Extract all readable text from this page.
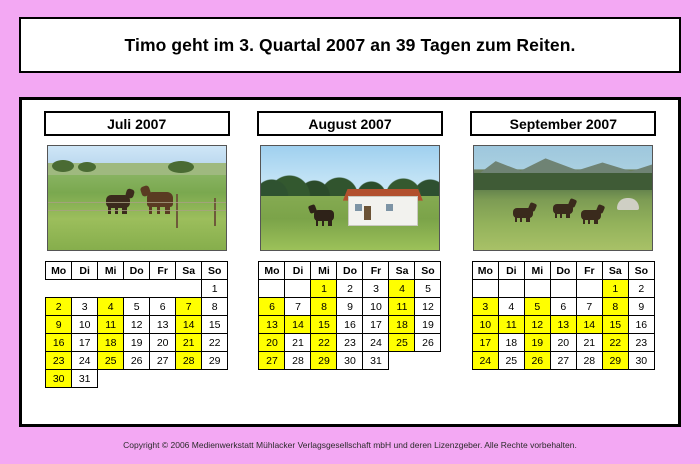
Timo geht im 3. Quartal 2007 an 39 Tagen zum Reiten.
Juli 2007
Mo	Di	Mi	Do	Fr	Sa	So
						1
2	3	4	5	6	7	8
9	10	11	12	13	14	15
16	17	18	19	20	21	22
23	24	25	26	27	28	29
30	31					
August 2007
Mo	Di	Mi	Do	Fr	Sa	So
		1	2	3	4	5
6	7	8	9	10	11	12
13	14	15	16	17	18	19
20	21	22	23	24	25	26
27	28	29	30	31		
September 2007
Mo	Di	Mi	Do	Fr	Sa	So
					1	2
3	4	5	6	7	8	9
10	11	12	13	14	15	16
17	18	19	20	21	22	23
24	25	26	27	28	29	30
Copyright © 2006 Medienwerkstatt Mühlacker Verlagsgesellschaft mbH und deren Lizenzgeber. Alle Rechte vorbehalten.
